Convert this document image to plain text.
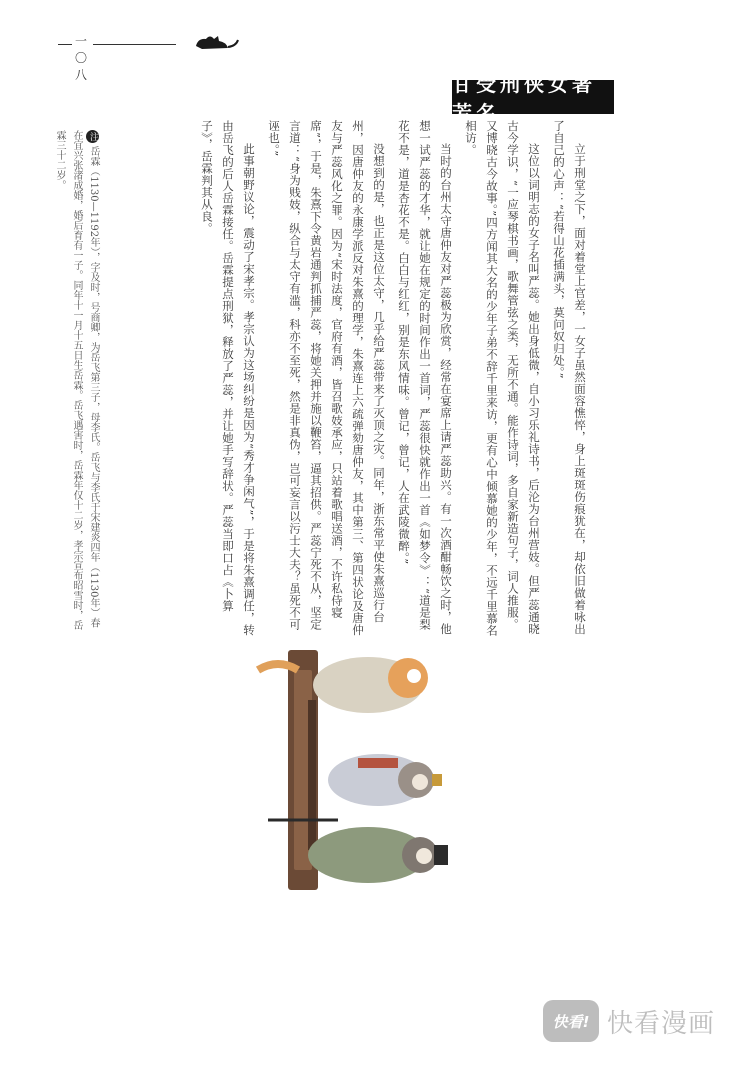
一〇八	甘受刑侠女著芳名

立于刑堂之下，面对着堂上官差，一女子虽然面容憔悴，身上斑斑伤痕犹在，却依旧做着咏出了自己的心声：“若得山花插满头，莫问奴归处。”

这位以词明志的女子名叫严蕊。她出身低微，自小习乐礼诗书，后沦为台州营妓。但严蕊通晓古今学识，“一应琴棋书画，歌舞管弦之类，无所不通。能作诗词，多自家新造句子，词人推服。又博晓古今故事。”四方闻其大名的少年子弟不辞千里来访，更有心中倾慕她的少年，不远千里慕名相访。

当时的台州太守唐仲友对严蕊极为欣赏，经常在宴席上请严蕊助兴。有一次酒酣畅饮之时，他想一试严蕊的才华，就让她在规定的时间作出一首词，严蕊很快就作出一首《如梦令》：“道是梨花不是，道是杏花不是。白白与红红，别是东风情味。曾记，曾记，人在武陵微醉。”

没想到的是，也正是这位太守，几乎给严蕊带来了灭顶之灾。同年，浙东常平使朱熹巡行台州，因唐仲友的永康学派反对朱熹的理学，朱熹连上六疏弹劾唐仲友，其中第三、第四状论及唐仲友与严蕊风化之罪。因为“宋时法度，官府有酒，皆召歌妓承应，只站着歌唱送酒，不许私侍寝席”，于是，朱熹下令黄岩通判抓捕严蕊，将她关押并施以鞭笞，逼其招供。严蕊宁死不从，坚定言道：“身为贱妓，纵合与太守有滥，科亦不至死，然是非真伪，岂可妄言以污士大夫？虽死不可诬也。”

此事朝野议论，震动了宋孝宗。孝宗认为这场纠纷是因为“秀才争闲气”，于是将朱熹调任，转由岳飞的后人岳霖接任。岳霖提点刑狱，释放了严蕊，并让她手写辞状。严蕊当即口占《卜算子》，岳霖判其从良。

注 岳霖（1130—1192年），字及时，号商卿，为岳飞第三子，母李氏。岳飞与李氏于宋建炎四年（1130年）春在宜兴张渚成婚，婚后育有一子。同年十一月十五日生岳霖。岳飞遇害时，岳霖年仅十二岁，孝宗宣布昭雪时，岳霖三十二岁。
快看! 快看漫画
